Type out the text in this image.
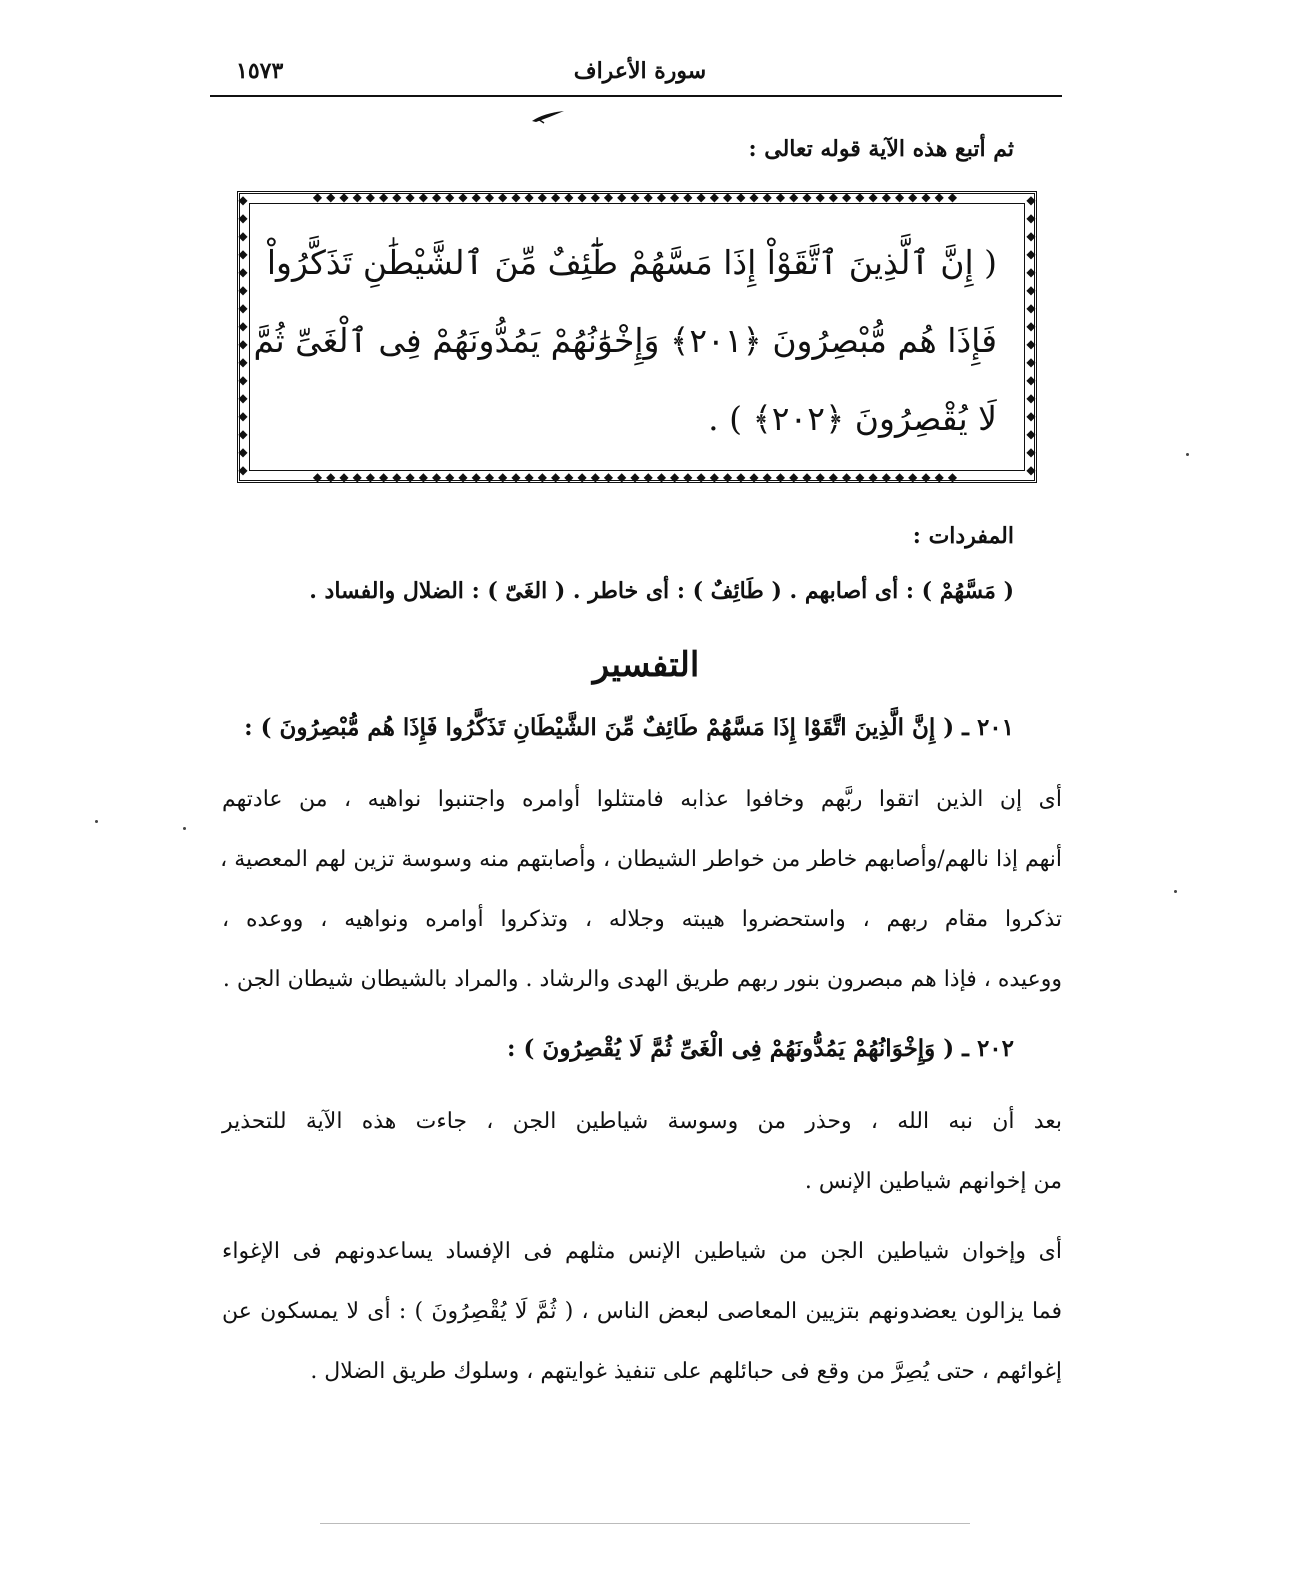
١٥٧٣	سورة الأعراف
ثم أتبع هذه الآية قوله تعالى :
◆◆◆◆◆◆◆◆◆◆◆◆◆◆◆◆◆◆◆◆◆◆◆◆◆◆◆◆◆◆◆◆◆◆◆◆◆◆◆◆◆◆◆◆◆◆◆◆◆
◆◆◆◆◆◆◆◆◆◆◆◆◆◆◆◆◆◆◆◆◆◆◆◆◆◆◆◆◆◆◆◆◆◆◆◆◆◆◆◆◆◆◆◆◆◆◆◆◆
◆◆◆◆◆◆◆◆◆◆◆◆◆◆◆◆
◆◆◆◆◆◆◆◆◆◆◆◆◆◆◆◆
( إِنَّ ٱلَّذِينَ ٱتَّقَوْاْ إِذَا مَسَّهُمْ طَٰٓئِفٌ مِّنَ ٱلشَّيْطَٰنِ تَذَكَّرُواْ
فَإِذَا هُم مُّبْصِرُونَ ﴿٢٠١﴾ وَإِخْوَٰنُهُمْ يَمُدُّونَهُمْ فِى ٱلْغَىِّ ثُمَّ
لَا يُقْصِرُونَ ﴿٢٠٢﴾ ) .
المفردات :
( مَسَّهُمْ ) : أى أصابهم . ( طَائِفٌ ) : أى خاطر . ( الغَىّ ) : الضلال والفساد .
التفسير
٢٠١ ـ ( إِنَّ الَّذِينَ اتَّقَوْا إِذَا مَسَّهُمْ طَائِفٌ مِّنَ الشَّيْطَانِ تَذَكَّرُوا فَإِذَا هُم مُّبْصِرُونَ ) :
أى إن الذين اتقوا ربَّهم وخافوا عذابه فامتثلوا أوامره واجتنبوا نواهيه ، من عادتهم
أنهم إذا نالهم/وأصابهم خاطر من خواطر الشيطان ، وأصابتهم منه وسوسة تزين لهم المعصية ،
تذكروا مقام ربهم ، واستحضروا هيبته وجلاله ، وتذكروا أوامره ونواهيه ، ووعده ،
ووعيده ، فإذا هم مبصرون بنور ربهم طريق الهدى والرشاد . والمراد بالشيطان شيطان الجن .
٢٠٢ ـ ( وَإِخْوَانُهُمْ يَمُدُّونَهُمْ فِى الْغَىِّ ثُمَّ لَا يُقْصِرُونَ ) :
بعد أن نبه الله ، وحذر من وسوسة شياطين الجن ، جاءت هذه الآية للتحذير
من إخوانهم شياطين الإنس .
أى وإخوان شياطين الجن من شياطين الإنس مثلهم فى الإفساد يساعدونهم فى الإغواء
فما يزالون يعضدونهم بتزيين المعاصى لبعض الناس ، ( ثُمَّ لَا يُقْصِرُونَ ) : أى لا يمسكون عن
إغوائهم ، حتى يُصِرَّ من وقع فى حبائلهم على تنفيذ غوايتهم ، وسلوك طريق الضلال .
